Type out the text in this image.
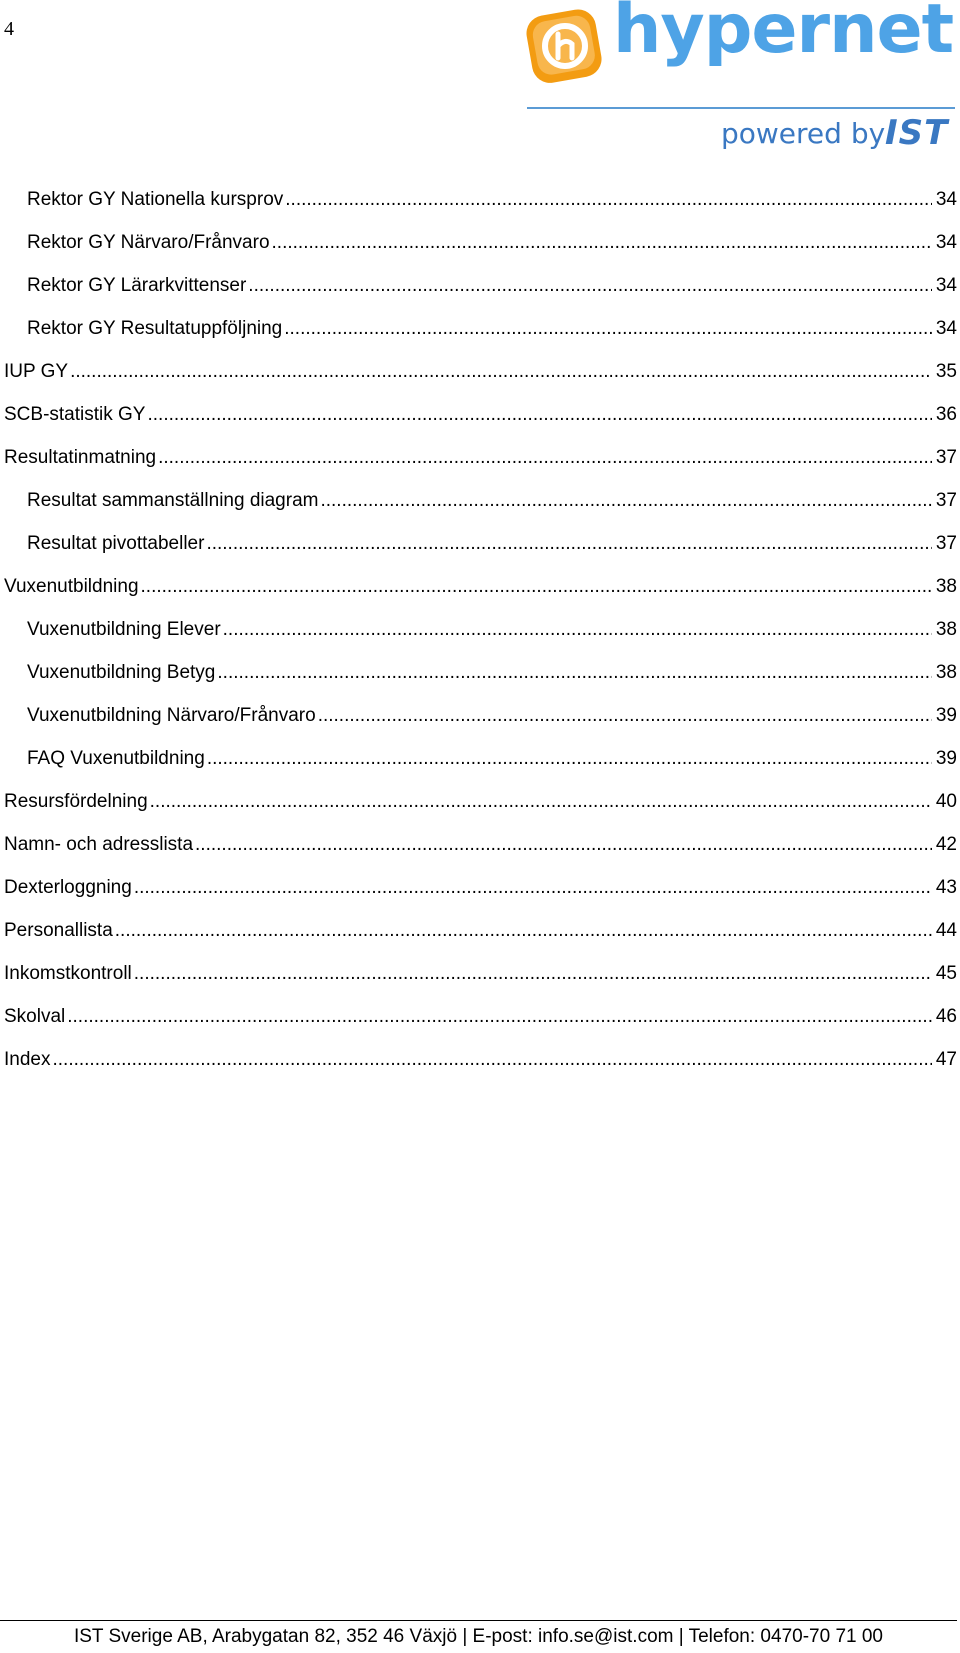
4	hypernet
powered by IST
Rektor GY Nationella kursprov .....	34
Rektor GY Närvaro/Frånvaro .....	34
Rektor GY Lärarkvittenser .....	34
Rektor GY Resultatuppföljning .....	34
IUP GY .....	35
SCB-statistik GY .....	36
Resultatinmatning .....	37
Resultat sammanställning diagram .....	37
Resultat pivottabeller .....	37
Vuxenutbildning .....	38
Vuxenutbildning Elever .....	38
Vuxenutbildning Betyg .....	38
Vuxenutbildning Närvaro/Frånvaro .....	39
FAQ Vuxenutbildning .....	39
Resursfördelning .....	40
Namn- och adresslista .....	42
Dexterloggning .....	43
Personallista .....	44
Inkomstkontroll .....	45
Skolval .....	46
Index .....	47
IST Sverige AB, Arabygatan 82, 352 46 Växjö | E-post: info.se@ist.com | Telefon: 0470-70 71 00
